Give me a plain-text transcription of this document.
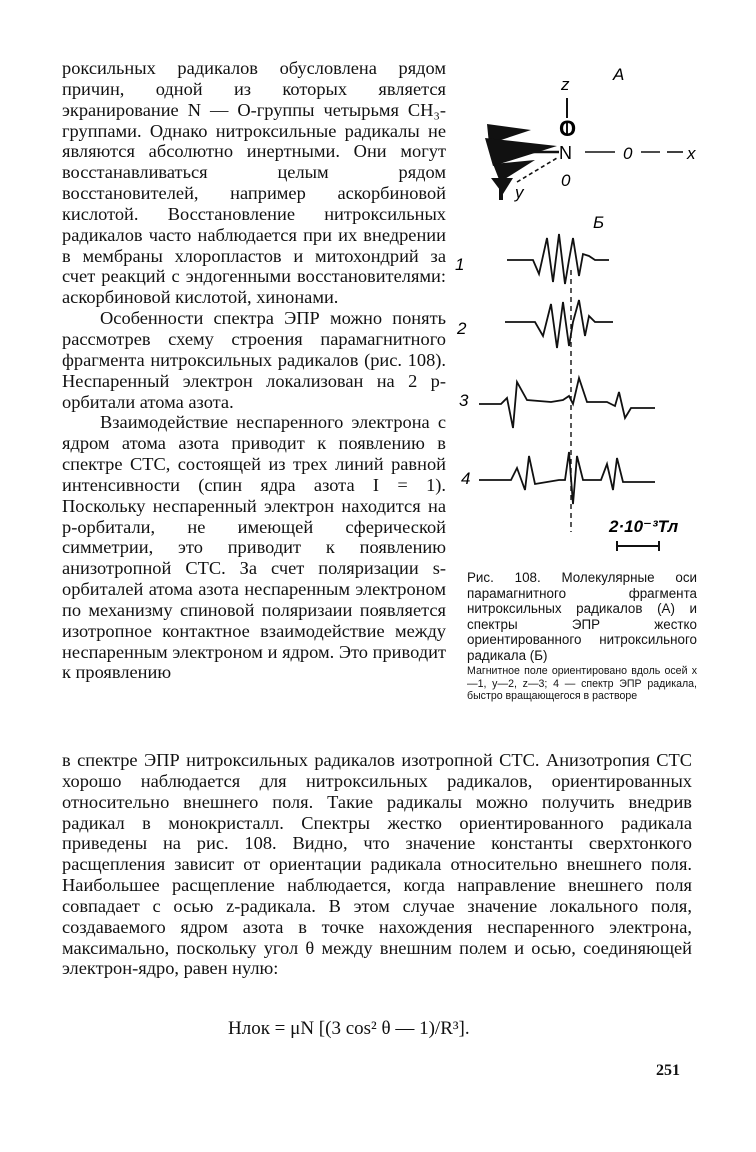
роксильных радикалов обусловлена рядом причин, одной из которых является экранирование N — О-группы четырьмя СН₃-группами. Однако нитроксильные радикалы не являются абсолютно инертными. Они могут восстанавливаться целым рядом восстановителей, например аскорбиновой кислотой. Восстановление нитроксильных радикалов часто наблюдается при их внедрении в мембраны хлоропластов и митохондрий за счет реакций с эндогенными восстановителями: аскорбиновой кислотой, хинонами.

Особенности спектра ЭПР можно понять рассмотрев схему строения парамагнитного фрагмента нитроксильных радикалов (рис. 108). Неспаренный электрон локализован на 2 p-орбитали атома азота.

Взаимодействие неспаренного электрона с ядром атома азота приводит к появлению в спектре СТС, состоящей из трех линий равной интенсивности (спин ядра азота I = 1). Поскольку неспаренный электрон находится на p-орбитали, не имеющей сферической симметрии, это приводит к появлению анизотропной СТС. За счет поляризации s-орбиталей атома азота неспаренным электроном по механизму спиновой поляризаии появляется изотропное контактное взаимодействие между неспаренным электроном и ядром. Это приводит к проявлению

z
O
N
0
0	x
y
А
Б
1
2
3
4
2·10⁻³Тл
Рис. 108. Молекулярные оси парамагнитного фрагмента нитроксильных радикалов (А) и спектры ЭПР жестко ориентированного нитроксильного радикала (Б)
Магнитное поле ориентировано вдоль осей x—1, y—2, z—3; 4 — спектр ЭПР радикала, быстро вращающегося в растворе

в спектре ЭПР нитроксильных радикалов изотропной СТС. Анизотропия СТС хорошо наблюдается для нитроксильных радикалов, ориентированных относительно внешнего поля. Такие радикалы можно получить внедрив радикал в монокристалл. Спектры жестко ориентированного радикала приведены на рис. 108. Видно, что значение константы сверхтонкого расщепления зависит от ориентации радикала относительно внешнего поля. Наибольшее расщепление наблюдается, когда направление внешнего поля совпадает с осью z-радикала. В этом случае значение локального поля, создаваемого ядром азота в точке нахождения неспаренного электрона, максимально, поскольку угол θ между внешним полем и осью, соединяющей электрон-ядро, равен нулю:

Hлок = μN [(3 cos² θ — 1)/R³].
251
